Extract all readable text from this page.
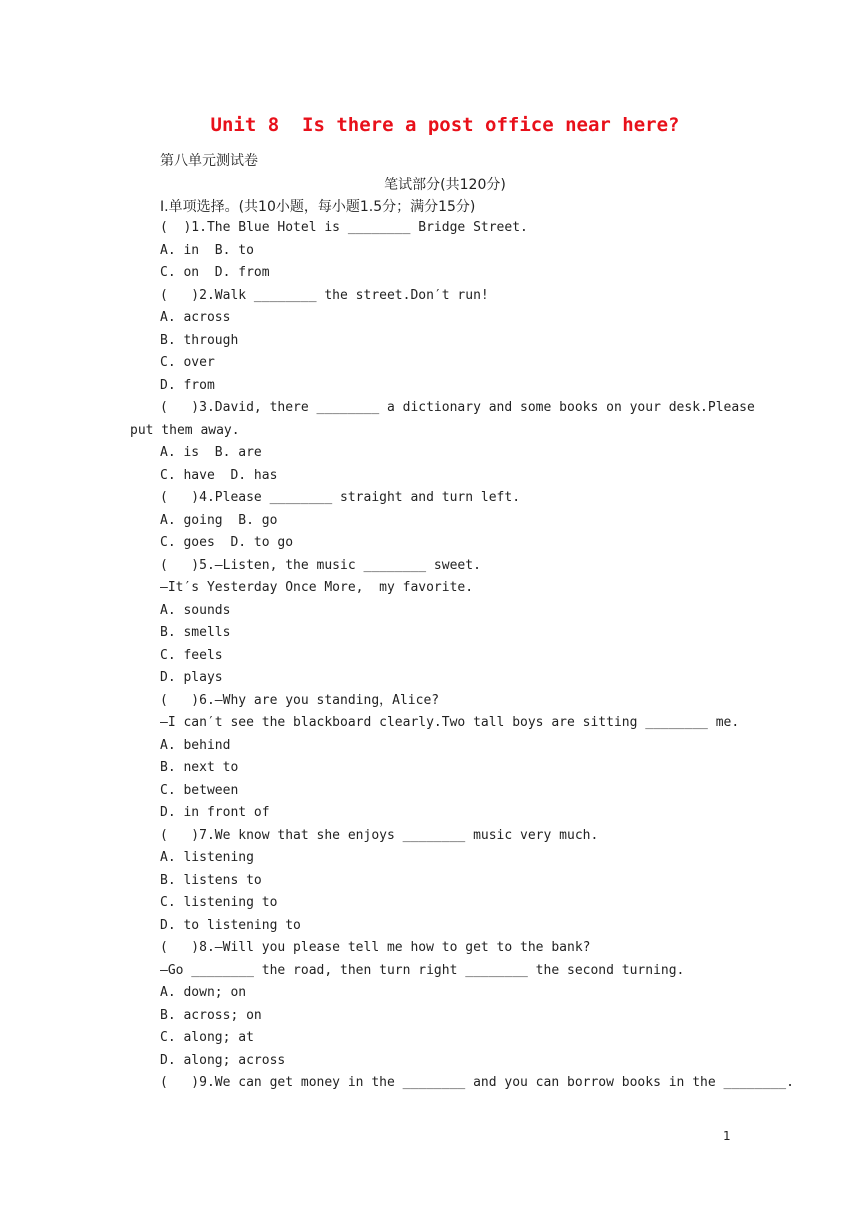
Unit 8  Is there a post office near here?
第八单元测试卷
笔试部分(共120分)
Ⅰ.单项选择。(共10小题，每小题1.5分；满分15分)
(  )1.The Blue Hotel is ________ Bridge Street.
A. in  B. to
C. on  D. from
(   )2.Walk ________ the street.Don′t run!
A. across
B. through
C. over
D. from
(   )3.David, there ________ a dictionary and some books on your desk.Please
put them away.
A. is  B. are
C. have  D. has
(   )4.Please ________ straight and turn left.
A. going  B. go
C. goes  D. to go
(   )5.—Listen, the music ________ sweet.
—It′s Yesterday Once More,  my favorite.
A. sounds
B. smells
C. feels
D. plays
(   )6.—Why are you standing，Alice?
—I can′t see the blackboard clearly.Two tall boys are sitting ________ me.
A. behind
B. next to
C. between
D. in front of
(   )7.We know that she enjoys ________ music very much.
A. listening
B. listens to
C. listening to
D. to listening to
(   )8.—Will you please tell me how to get to the bank?
—Go ________ the road, then turn right ________ the second turning.
A. down; on
B. across; on
C. along; at
D. along; across
(   )9.We can get money in the ________ and you can borrow books in the ________.
1
